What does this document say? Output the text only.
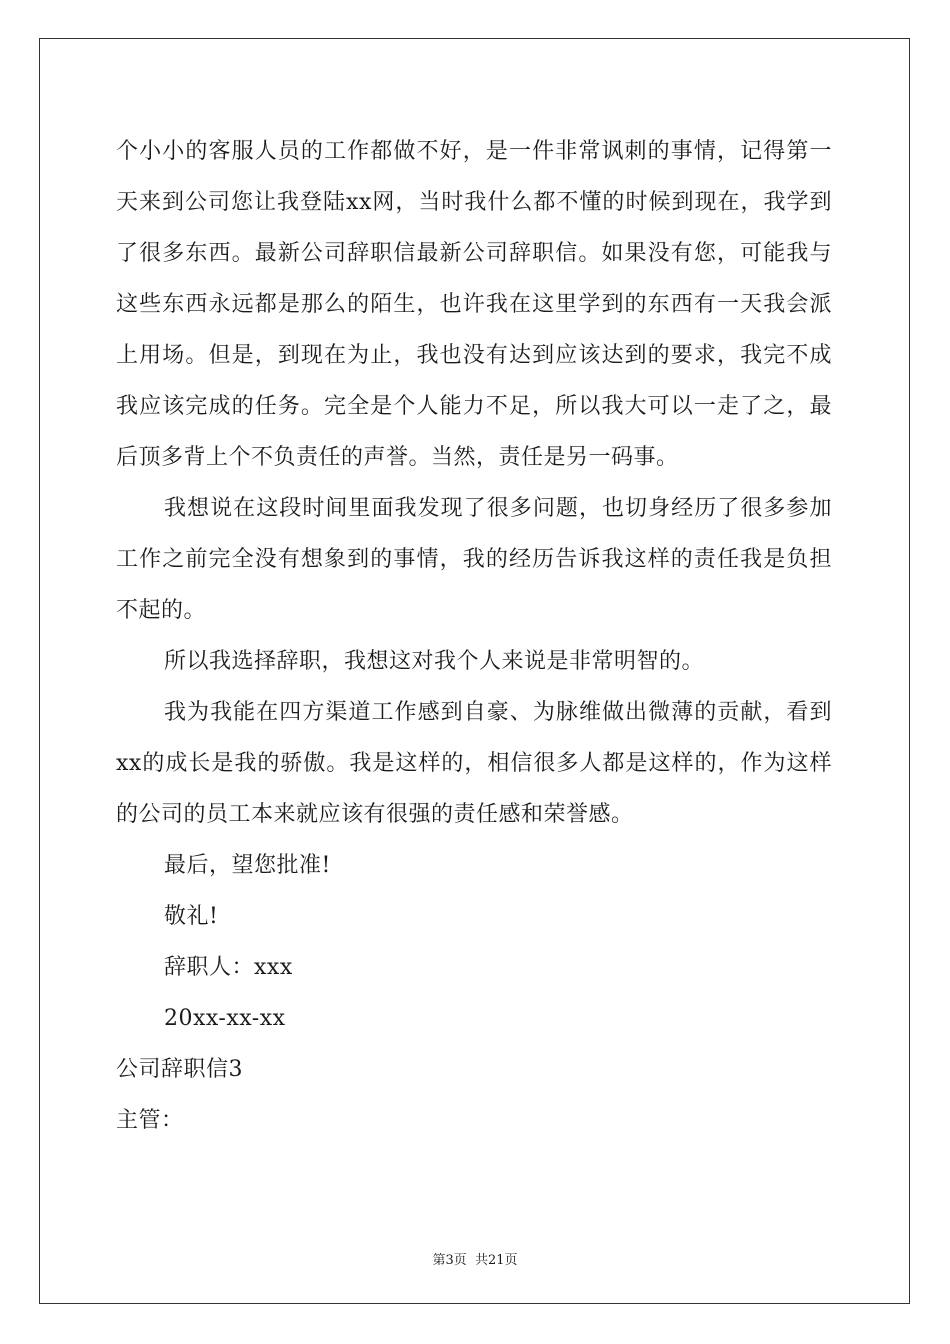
个小小的客服人员的工作都做不好，是一件非常讽刺的事情，记得第一天来到公司您让我登陆xx网，当时我什么都不懂的时候到现在，我学到了很多东西。最新公司辞职信最新公司辞职信。如果没有您，可能我与这些东西永远都是那么的陌生，也许我在这里学到的东西有一天我会派上用场。但是，到现在为止，我也没有达到应该达到的要求，我完不成我应该完成的任务。完全是个人能力不足，所以我大可以一走了之，最后顶多背上个不负责任的声誉。当然，责任是另一码事。

我想说在这段时间里面我发现了很多问题，也切身经历了很多参加工作之前完全没有想象到的事情，我的经历告诉我这样的责任我是负担不起的。

所以我选择辞职，我想这对我个人来说是非常明智的。

我为我能在四方渠道工作感到自豪、为脉维做出微薄的贡献，看到xx的成长是我的骄傲。我是这样的，相信很多人都是这样的，作为这样的公司的员工本来就应该有很强的责任感和荣誉感。

最后，望您批准!

敬礼!

辞职人：xxx

20xx-xx-xx

公司辞职信3

主管：

第3页 共21页
